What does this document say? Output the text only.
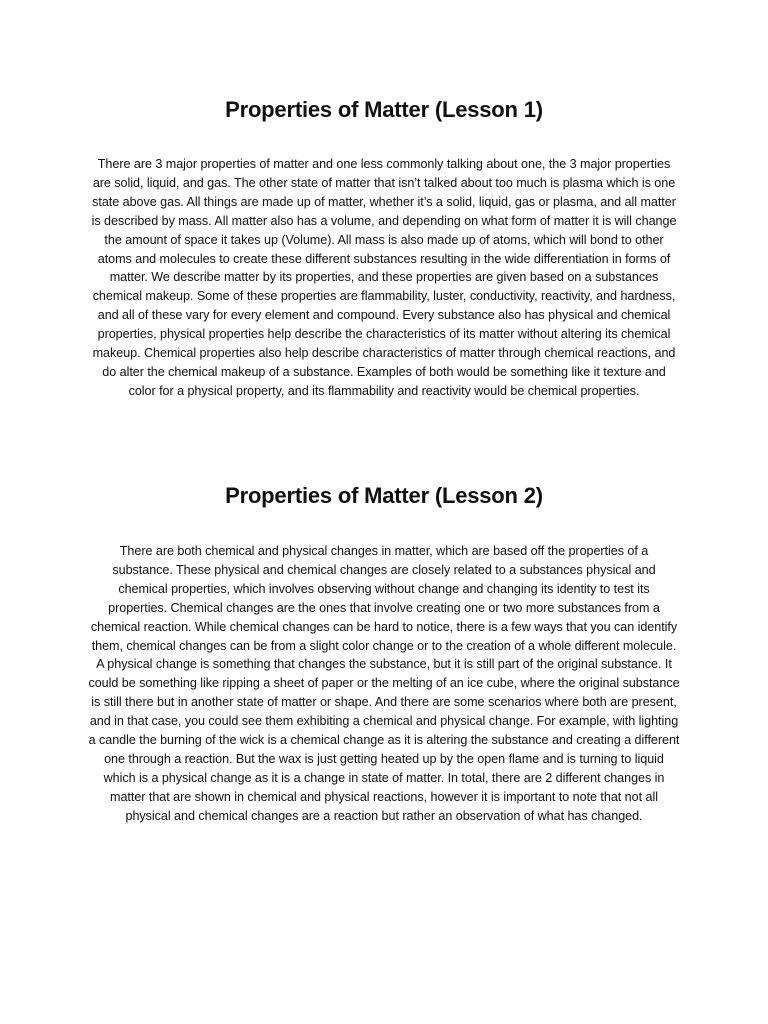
Properties of Matter (Lesson 1)

There are 3 major properties of matter and one less commonly talking about one, the 3 major properties are solid, liquid, and gas. The other state of matter that isn’t talked about too much is plasma which is one state above gas. All things are made up of matter, whether it’s a solid, liquid, gas or plasma, and all matter is described by mass. All matter also has a volume, and depending on what form of matter it is will change the amount of space it takes up (Volume). All mass is also made up of atoms, which will bond to other atoms and molecules to create these different substances resulting in the wide differentiation in forms of matter. We describe matter by its properties, and these properties are given based on a substances chemical makeup. Some of these properties are flammability, luster, conductivity, reactivity, and hardness, and all of these vary for every element and compound. Every substance also has physical and chemical properties, physical properties help describe the characteristics of its matter without altering its chemical makeup. Chemical properties also help describe characteristics of matter through chemical reactions, and do alter the chemical makeup of a substance. Examples of both would be something like it texture and color for a physical property, and its flammability and reactivity would be chemical properties.

Properties of Matter (Lesson 2)

There are both chemical and physical changes in matter, which are based off the properties of a substance. These physical and chemical changes are closely related to a substances physical and chemical properties, which involves observing without change and changing its identity to test its properties. Chemical changes are the ones that involve creating one or two more substances from a chemical reaction. While chemical changes can be hard to notice, there is a few ways that you can identify them, chemical changes can be from a slight color change or to the creation of a whole different molecule. A physical change is something that changes the substance, but it is still part of the original substance. It could be something like ripping a sheet of paper or the melting of an ice cube, where the original substance is still there but in another state of matter or shape. And there are some scenarios where both are present, and in that case, you could see them exhibiting a chemical and physical change. For example, with lighting a candle the burning of the wick is a chemical change as it is altering the substance and creating a different one through a reaction. But the wax is just getting heated up by the open flame and is turning to liquid which is a physical change as it is a change in state of matter. In total, there are 2 different changes in matter that are shown in chemical and physical reactions, however it is important to note that not all physical and chemical changes are a reaction but rather an observation of what has changed.
